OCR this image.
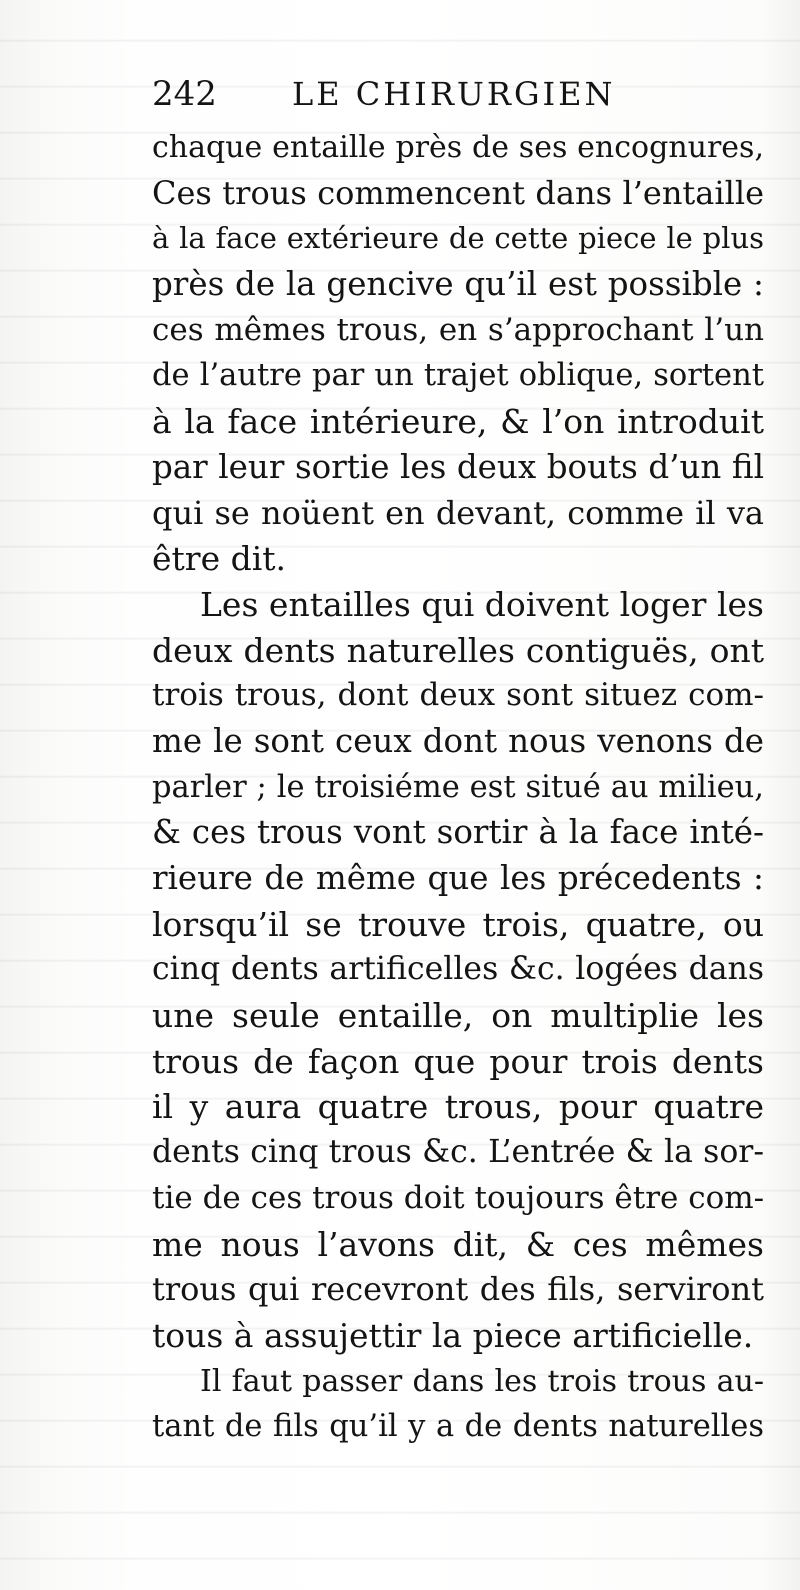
242 LE CHIRURGIEN
chaque entaille près de ses encognures,
Ces trous commencent dans l’entaille
à la face extérieure de cette piece le plus
près de la gencive qu’il est possible :
ces mêmes trous, en s’approchant l’un
de l’autre par un trajet oblique, sortent
à la face intérieure, & l’on introduit
par leur sortie les deux bouts d’un fil
qui se noüent en devant, comme il va
être dit.
Les entailles qui doivent loger les
deux dents naturelles contiguës, ont
trois trous, dont deux sont situez com-
me le sont ceux dont nous venons de
parler ; le troisiéme est situé au milieu,
& ces trous vont sortir à la face inté-
rieure de même que les précedents :
lorsqu’il se trouve trois, quatre, ou
cinq dents artificelles &c. logées dans
une seule entaille, on multiplie les
trous de façon que pour trois dents
il y aura quatre trous, pour quatre
dents cinq trous &c. L’entrée & la sor-
tie de ces trous doit toujours être com-
me nous l’avons dit, & ces mêmes
trous qui recevront des fils, serviront
tous à assujettir la piece artificielle.
Il faut passer dans les trois trous au-
tant de fils qu’il y a de dents naturelles
